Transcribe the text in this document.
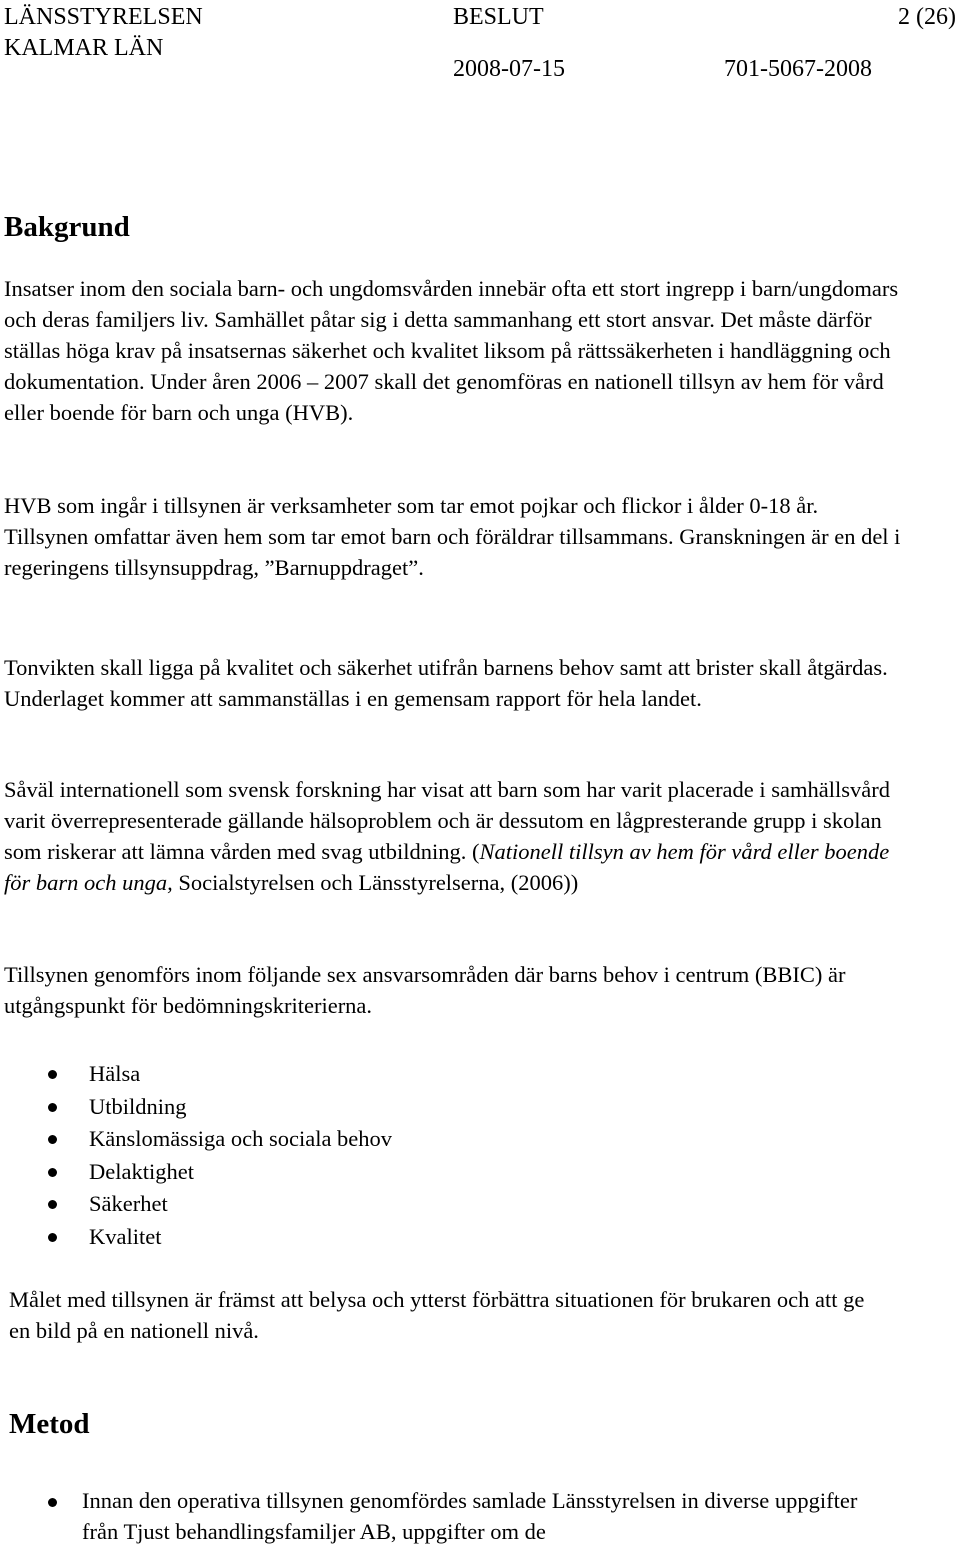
LÄNSSTYRELSEN
KALMAR LÄN
BESLUT
2008-07-15
2 (26)
701-5067-2008
Bakgrund

Insatser inom den sociala barn- och ungdomsvården innebär ofta ett stort ingrepp i barn/ungdomars och deras familjers liv. Samhället påtar sig i detta sammanhang ett stort ansvar. Det måste därför ställas höga krav på insatsernas säkerhet och kvalitet liksom på rättssäkerheten i handläggning och dokumentation. Under åren 2006 – 2007 skall det genomföras en nationell tillsyn av hem för vård eller boende för barn och unga (HVB).

HVB som ingår i tillsynen är verksamheter som tar emot pojkar och flickor i ålder 0-18 år. Tillsynen omfattar även hem som tar emot barn och föräldrar tillsammans. Granskningen är en del i regeringens tillsynsuppdrag, ”Barnuppdraget”.

Tonvikten skall ligga på kvalitet och säkerhet utifrån barnens behov samt att brister skall åtgärdas. Underlaget kommer att sammanställas i en gemensam rapport för hela landet.

Såväl internationell som svensk forskning har visat att barn som har varit placerade i samhällsvård varit överrepresenterade gällande hälsoproblem och är dessutom en lågpresterande grupp i skolan som riskerar att lämna vården med svag utbildning. (Nationell tillsyn av hem för vård eller boende för barn och unga, Socialstyrelsen och Länsstyrelserna, (2006))

Tillsynen genomförs inom följande sex ansvarsområden där barns behov i centrum (BBIC) är utgångspunkt för bedömningskriterierna.

Hälsa
Utbildning
Känslomässiga och sociala behov
Delaktighet
Säkerhet
Kvalitet

Målet med tillsynen är främst att belysa och ytterst förbättra situationen för brukaren och att ge en bild på en nationell nivå.

Metod
Innan den operativa tillsynen genomfördes samlade Länsstyrelsen in diverse uppgifter från Tjust behandlingsfamiljer AB, uppgifter om de
